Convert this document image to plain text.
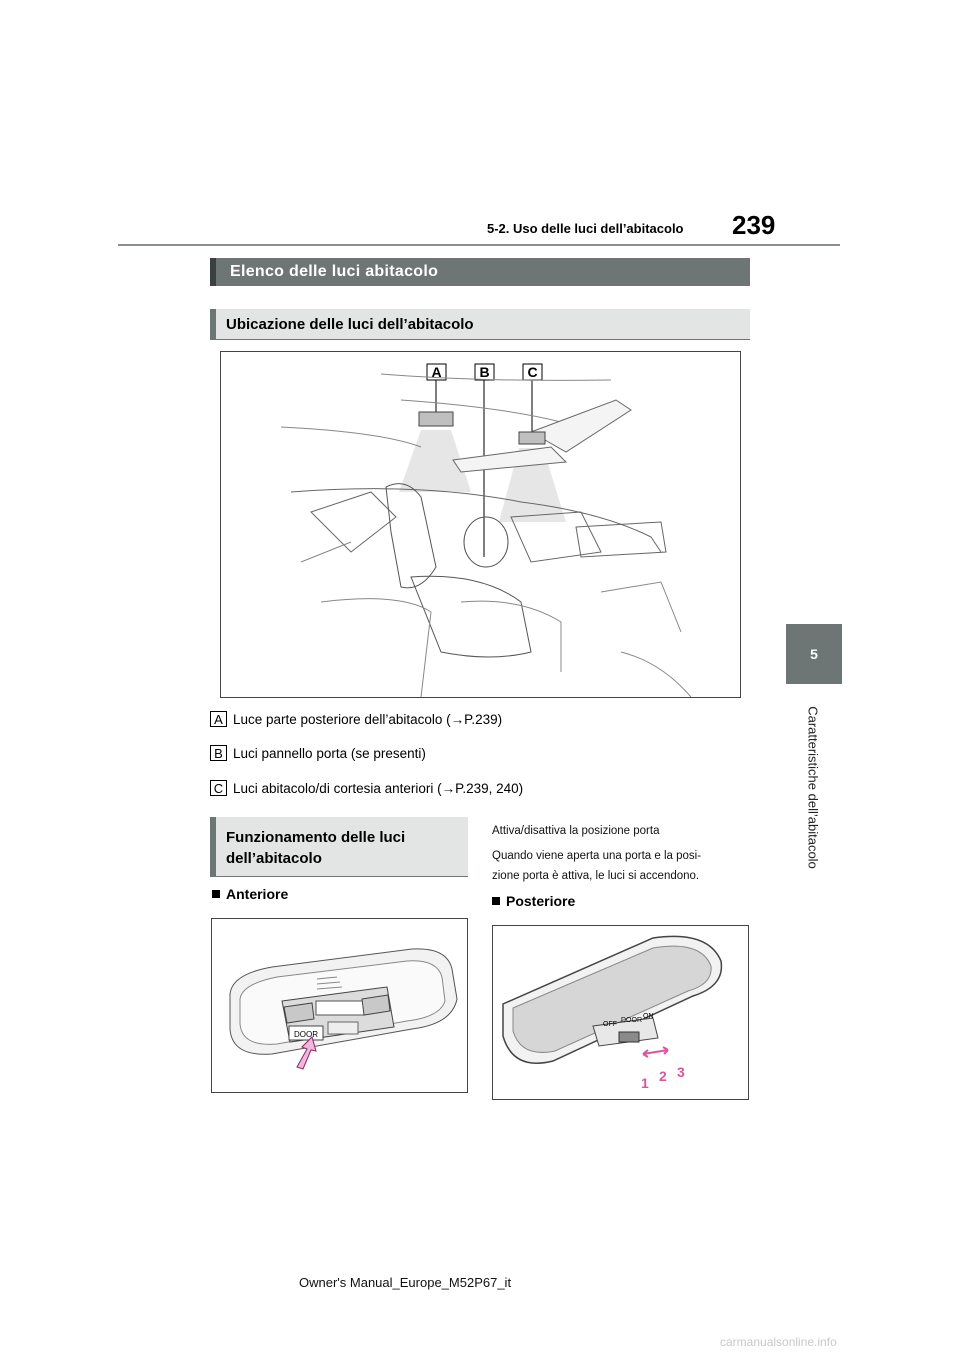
5-2. Uso delle luci dell’abitacolo 239
5
Caratteristiche dell’abitacolo
Elenco delle luci abitacolo
Ubicazione delle luci dell’abitacolo
A	B	C
A Luce parte posteriore dell’abitacolo ( → P.239)
B Luci pannello porta (se presenti)
C Luci abitacolo/di cortesia anteriori ( → P.239, 240)
Funzionamento delle luci
dell’abitacolo
Anteriore
Attiva/disattiva la posizione porta
Quando viene aperta una porta e la posi-
zione porta è attiva, le luci si accendono.
Posteriore
DOOR
OFF
DOOR
ON
1 2 3
Owner's Manual_Europe_M52P67_it
carmanualsonline.info
